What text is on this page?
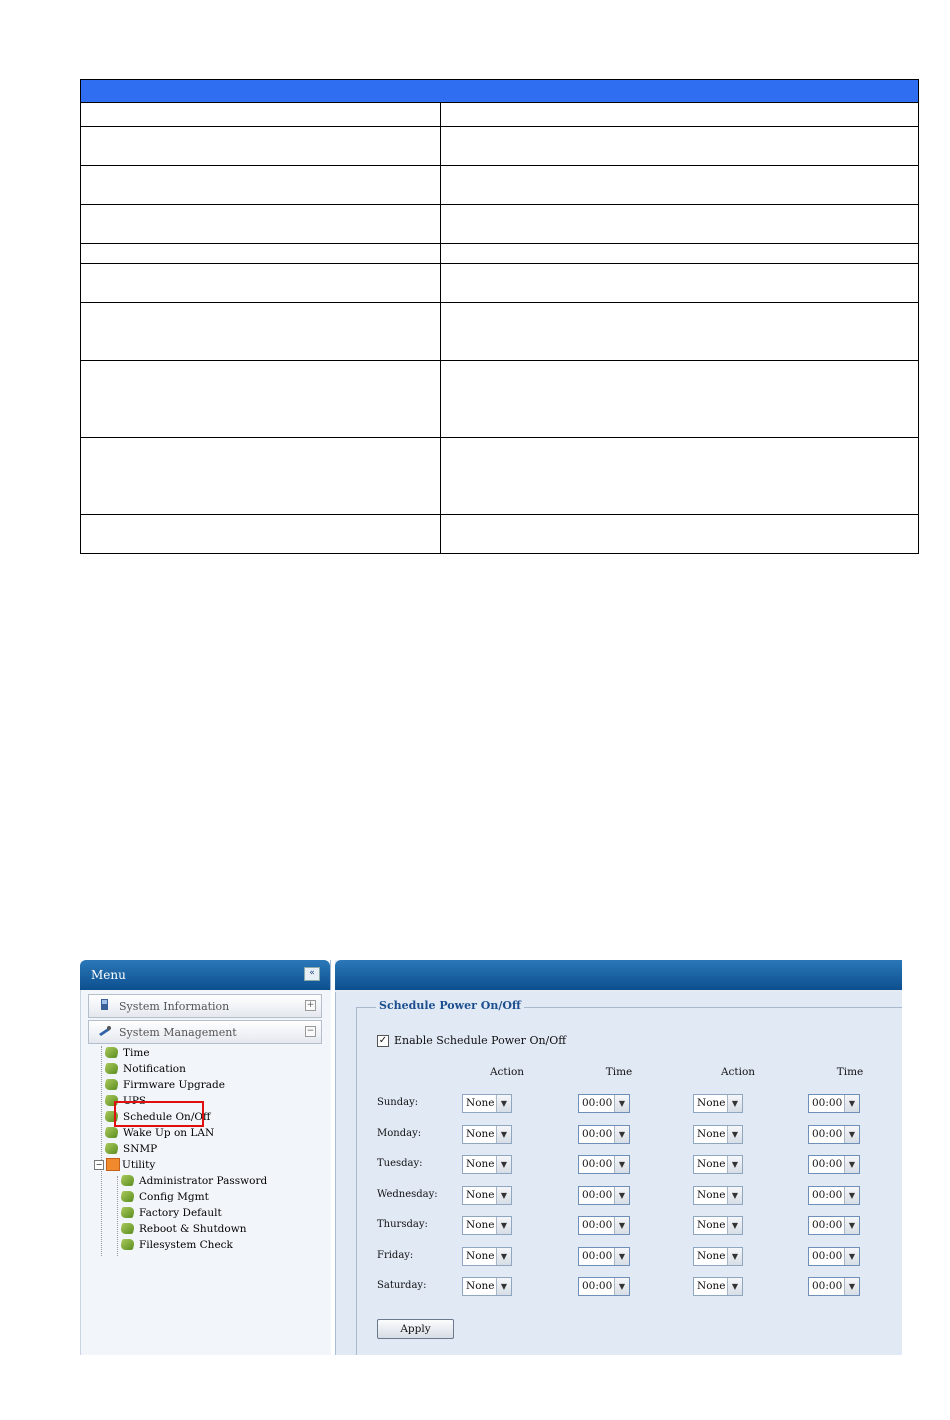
Menu	«
System Information	+
System Management	−
Time
Notification
Firmware Upgrade
UPS
Schedule On/Off
Wake Up on LAN
SNMP
− Utility
Administrator Password
Config Mgmt
Factory Default
Reboot & Shutdown
Filesystem Check
Schedule Power On/Off
✓ Enable Schedule Power On/Off
Action	Time	Action	Time
Sunday:	None ▼	00:00 ▼	None ▼	00:00 ▼
Monday:	None ▼	00:00 ▼	None ▼	00:00 ▼
Tuesday:	None ▼	00:00 ▼	None ▼	00:00 ▼
Wednesday:	None ▼	00:00 ▼	None ▼	00:00 ▼
Thursday:	None ▼	00:00 ▼	None ▼	00:00 ▼
Friday:	None ▼	00:00 ▼	None ▼	00:00 ▼
Saturday:	None ▼	00:00 ▼	None ▼	00:00 ▼
Apply
